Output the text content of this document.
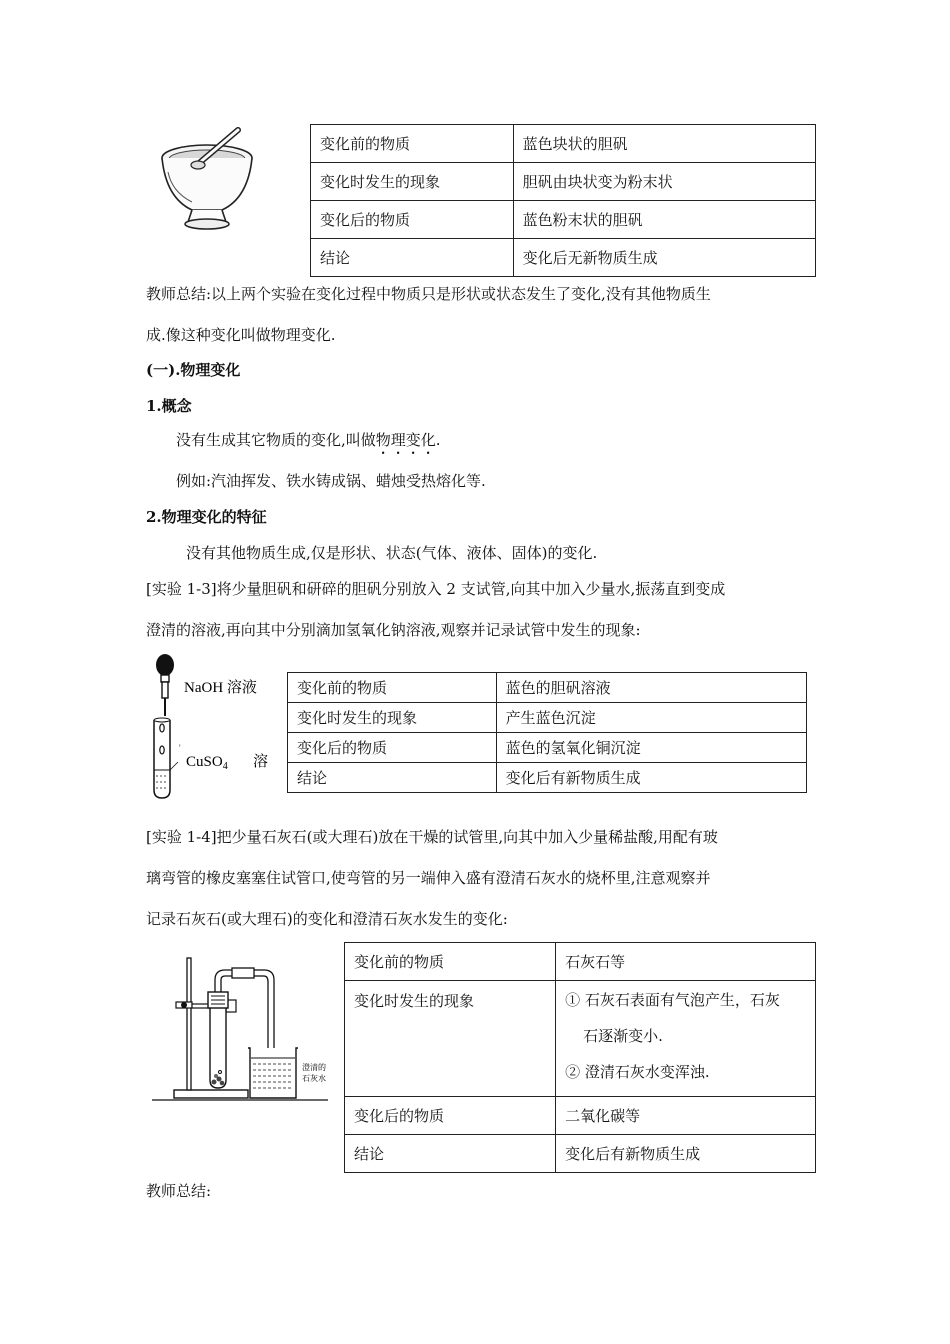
变化前的物质	蓝色块状的胆矾
变化时发生的现象	胆矾由块状变为粉末状
变化后的物质	蓝色粉末状的胆矾
结论	变化后无新物质生成
教师总结:以上两个实验在变化过程中物质只是形状或状态发生了变化,没有其他物质生
成.像这种变化叫做物理变化.
(一).物理变化
1.概念
没有生成其它物质的变化,叫做物理变化.
例如:汽油挥发、铁水铸成锅、蜡烛受热熔化等.
2.物理变化的特征
没有其他物质生成,仅是形状、状态(气体、液体、固体)的变化.
[实验 1-3]将少量胆矾和研碎的胆矾分别放入 2 支试管,向其中加入少量水,振荡直到变成
澄清的溶液,再向其中分别滴加氢氧化钠溶液,观察并记录试管中发生的现象:
NaOH 溶液
CuSO$_4$ 溶
'
变化前的物质	蓝色的胆矾溶液
变化时发生的现象	产生蓝色沉淀
变化后的物质	蓝色的氢氧化铜沉淀
结论	变化后有新物质生成
[实验 1-4]把少量石灰石(或大理石)放在干燥的试管里,向其中加入少量稀盐酸,用配有玻
璃弯管的橡皮塞塞住试管口,使弯管的另一端伸入盛有澄清石灰水的烧杯里,注意观察并
记录石灰石(或大理石)的变化和澄清石灰水发生的变化:
澄清的
石灰水
变化前的物质	石灰石等
变化时发生的现象	① 石灰石表面有气泡产生，石灰
石逐渐变小.
② 澄清石灰水变浑浊.

变化后的物质	二氧化碳等
结论	变化后有新物质生成
教师总结:
